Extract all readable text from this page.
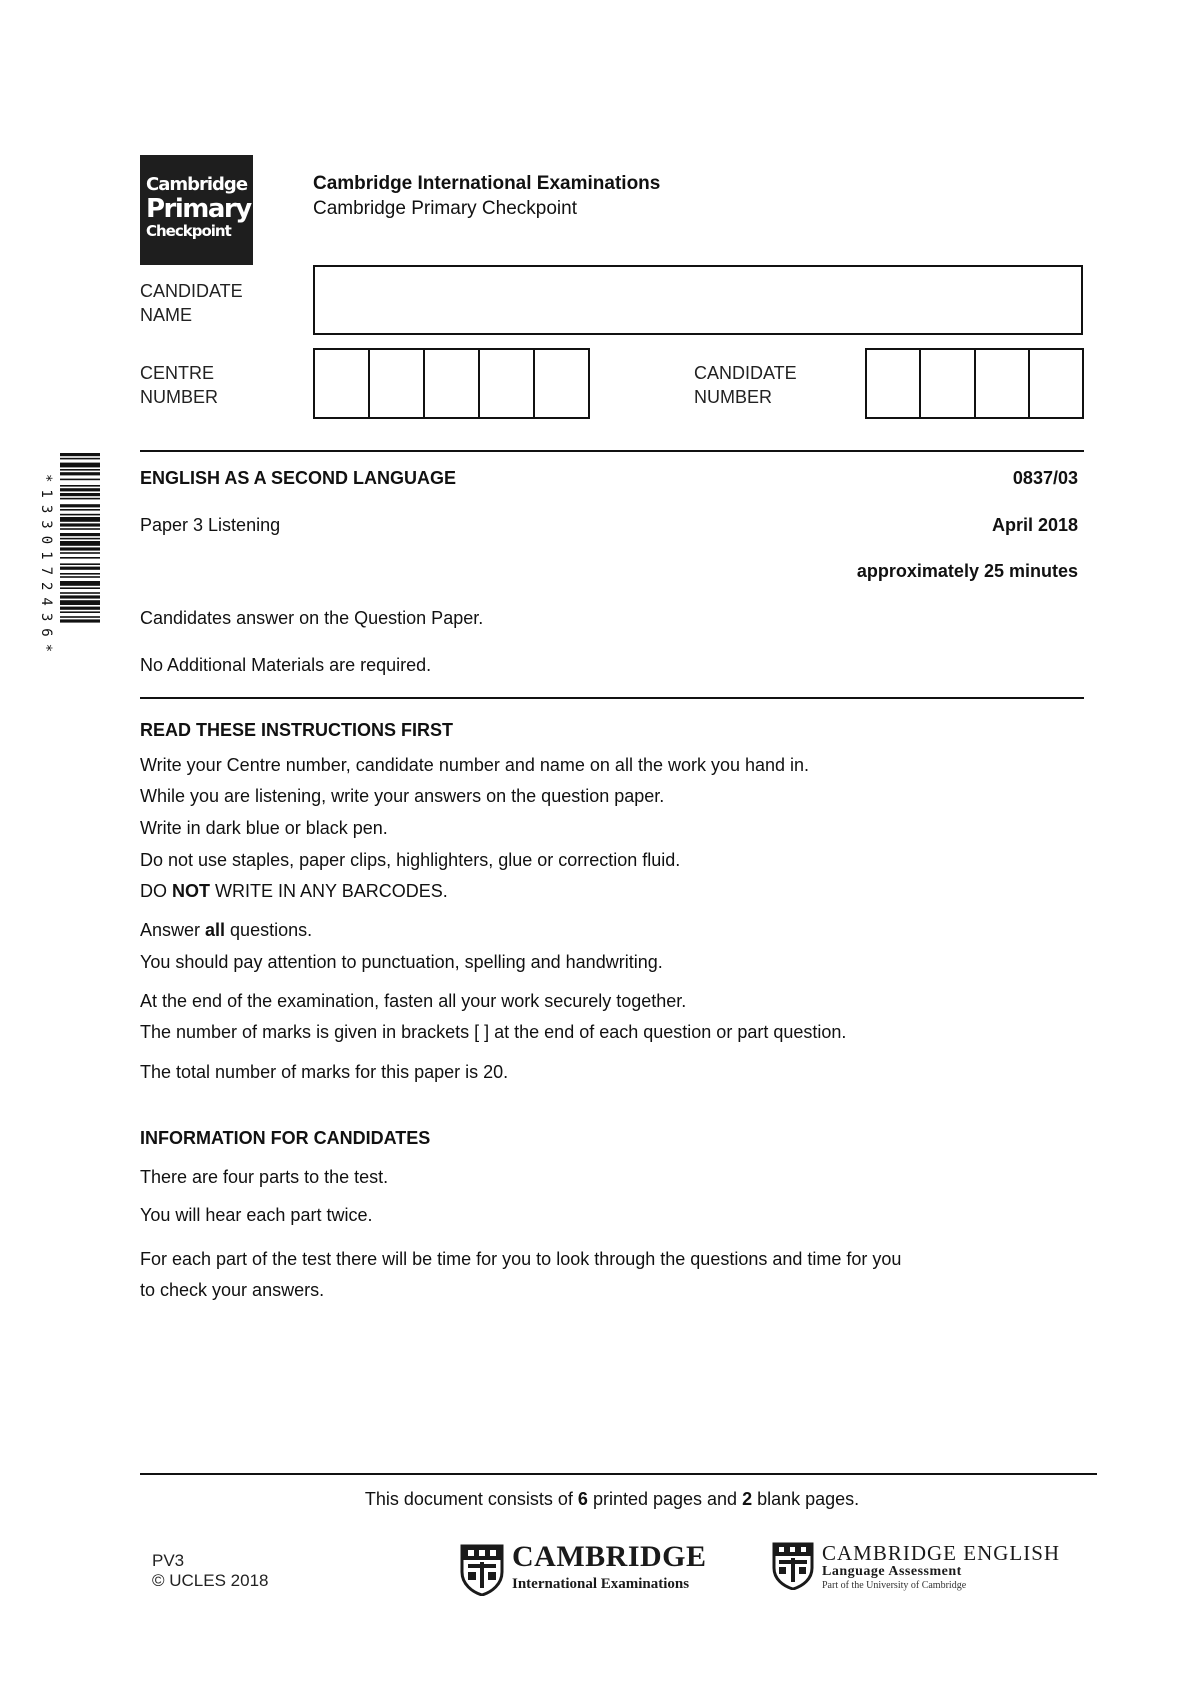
Cambridge
Primary
Checkpoint
Cambridge International Examinations
Cambridge Primary Checkpoint
CANDIDATE
NAME
CENTRE
NUMBER
CANDIDATE
NUMBER
*1330172436*	ENGLISH AS A SECOND LANGUAGE	0837/03
Paper 3 Listening	April 2018
approximately 25 minutes
Candidates answer on the Question Paper.
No Additional Materials are required.
READ THESE INSTRUCTIONS FIRST
Write your Centre number, candidate number and name on all the work you hand in.
While you are listening, write your answers on the question paper.
Write in dark blue or black pen.
Do not use staples, paper clips, highlighters, glue or correction fluid.
DO NOT WRITE IN ANY BARCODES.
Answer all questions.
You should pay attention to punctuation, spelling and handwriting.
At the end of the examination, fasten all your work securely together.
The number of marks is given in brackets [ ] at the end of each question or part question.
The total number of marks for this paper is 20.
INFORMATION FOR CANDIDATES
There are four parts to the test.
You will hear each part twice.
For each part of the test there will be time for you to look through the questions and time for you
to check your answers.
This document consists of 6 printed pages and 2 blank pages.
PV3
© UCLES 2018
CAMBRIDGE
International Examinations
CAMBRIDGE ENGLISH
Language Assessment
Part of the University of Cambridge
